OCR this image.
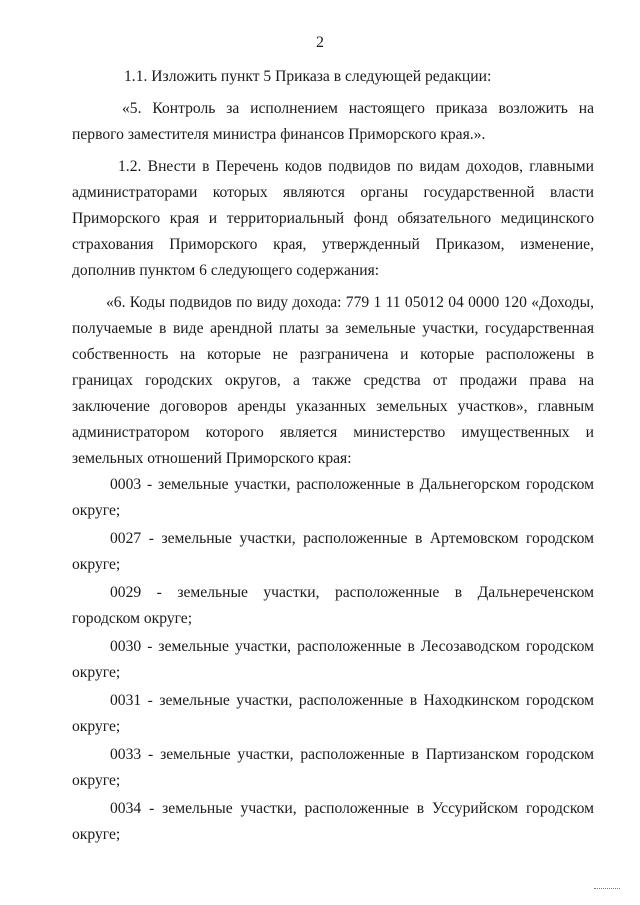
2

1.1. Изложить пункт 5 Приказа в следующей редакции:

«5. Контроль за исполнением настоящего приказа возложить на первого заместителя министра финансов Приморского края.».

1.2. Внести в Перечень кодов подвидов по видам доходов, главными администраторами которых являются органы государственной власти Приморского края и территориальный фонд обязательного медицинского страхования Приморского края, утвержденный Приказом, изменение, дополнив пунктом 6 следующего содержания:

«6. Коды подвидов по виду дохода: 779 1 11 05012 04 0000 120 «Доходы, получаемые в виде арендной платы за земельные участки, государственная собственность на которые не разграничена и которые расположены в границах городских округов, а также средства от продажи права на заключение договоров аренды указанных земельных участков», главным администратором которого является министерство имущественных и земельных отношений Приморского края:

0003 - земельные участки, расположенные в Дальнегорском городском округе;

0027 - земельные участки, расположенные в Артемовском городском округе;

0029 - земельные участки, расположенные в Дальнереченском городском округе;

0030 - земельные участки, расположенные в Лесозаводском городском округе;

0031 - земельные участки, расположенные в Находкинском городском округе;

0033 - земельные участки, расположенные в Партизанском городском округе;

0034 - земельные участки, расположенные в Уссурийском городском округе;
